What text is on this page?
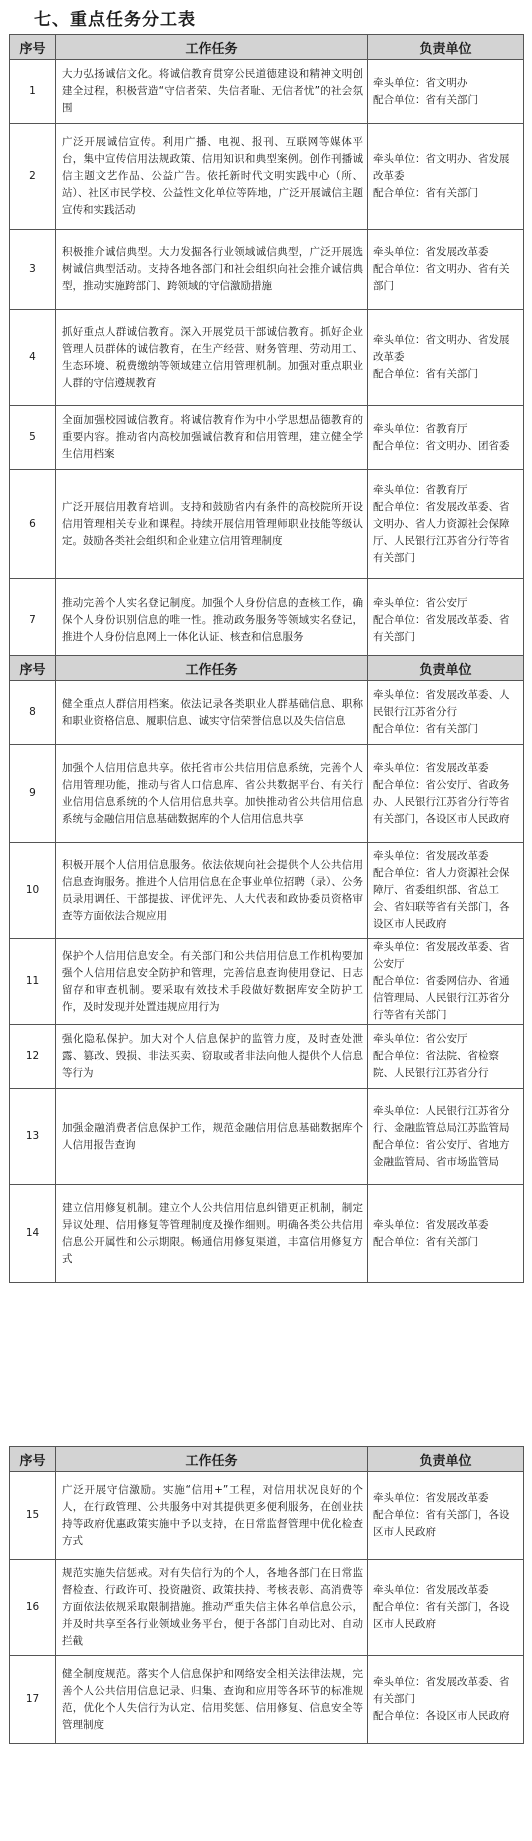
七、重点任务分工表
序号	工作任务	负责单位
1	大力弘扬诚信文化。将诚信教育贯穿公民道德建设和精神文明创建全过程，积极营造“守信者荣、失信者耻、无信者忧”的社会氛围	牵头单位：省文明办
配合单位：省有关部门

2	广泛开展诚信宣传。利用广播、电视、报刊、互联网等媒体平台，集中宣传信用法规政策、信用知识和典型案例。创作刊播诚信主题文艺作品、公益广告。依托新时代文明实践中心（所、站）、社区市民学校、公益性文化单位等阵地，广泛开展诚信主题宣传和实践活动	牵头单位：省文明办、省发展改革委
配合单位：省有关部门

3	积极推介诚信典型。大力发掘各行业领域诚信典型，广泛开展选树诚信典型活动。支持各地各部门和社会组织向社会推介诚信典型，推动实施跨部门、跨领域的守信激励措施	牵头单位：省发展改革委
配合单位：省文明办、省有关部门

4	抓好重点人群诚信教育。深入开展党员干部诚信教育。抓好企业管理人员群体的诚信教育，在生产经营、财务管理、劳动用工、生态环境、税费缴纳等领域建立信用管理机制。加强对重点职业人群的守信遵规教育	牵头单位：省文明办、省发展改革委
配合单位：省有关部门

5	全面加强校园诚信教育。将诚信教育作为中小学思想品德教育的重要内容。推动省内高校加强诚信教育和信用管理，建立健全学生信用档案	牵头单位：省教育厅
配合单位：省文明办、团省委

6	广泛开展信用教育培训。支持和鼓励省内有条件的高校院所开设信用管理相关专业和课程。持续开展信用管理师职业技能等级认定。鼓励各类社会组织和企业建立信用管理制度	牵头单位：省教育厅
配合单位：省发展改革委、省文明办、省人力资源社会保障厅、人民银行江苏省分行等省有关部门

7	推动完善个人实名登记制度。加强个人身份信息的查核工作，确保个人身份识别信息的唯一性。推动政务服务等领域实名登记，推进个人身份信息网上一体化认证、核查和信息服务	牵头单位：省公安厅
配合单位：省发展改革委、省有关部门
序号	工作任务	负责单位
8	健全重点人群信用档案。依法记录各类职业人群基础信息、职称和职业资格信息、履职信息、诚实守信荣誉信息以及失信信息	牵头单位：省发展改革委、人民银行江苏省分行
配合单位：省有关部门

9	加强个人信用信息共享。依托省市公共信用信息系统，完善个人信用管理功能，推动与省人口信息库、省公共数据平台、有关行业信用信息系统的个人信用信息共享。加快推动省公共信用信息系统与金融信用信息基础数据库的个人信用信息共享	牵头单位：省发展改革委
配合单位：省公安厅、省政务办、人民银行江苏省分行等省有关部门，各设区市人民政府

10	积极开展个人信用信息服务。依法依规向社会提供个人公共信用信息查询服务。推进个人信用信息在企事业单位招聘（录）、公务员录用调任、干部提拔、评优评先、人大代表和政协委员资格审查等方面依法合规应用	牵头单位：省发展改革委
配合单位：省人力资源社会保障厅、省委组织部、省总工会、省妇联等省有关部门，各设区市人民政府

11	保护个人信用信息安全。有关部门和公共信用信息工作机构要加强个人信用信息安全防护和管理，完善信息查询使用登记、日志留存和审查机制。要采取有效技术手段做好数据库安全防护工作，及时发现并处置违规应用行为	牵头单位：省发展改革委、省公安厅
配合单位：省委网信办、省通信管理局、人民银行江苏省分行等省有关部门

12	强化隐私保护。加大对个人信息保护的监管力度，及时查处泄露、篡改、毁损、非法买卖、窃取或者非法向他人提供个人信息等行为	牵头单位：省公安厅
配合单位：省法院、省检察院、人民银行江苏省分行

13	加强金融消费者信息保护工作，规范金融信用信息基础数据库个人信用报告查询	牵头单位：人民银行江苏省分行、金融监管总局江苏监管局
配合单位：省公安厅、省地方金融监管局、省市场监管局

14	建立信用修复机制。建立个人公共信用信息纠错更正机制，制定异议处理、信用修复等管理制度及操作细则。明确各类公共信用信息公开属性和公示期限。畅通信用修复渠道，丰富信用修复方式	牵头单位：省发展改革委
配合单位：省有关部门
序号	工作任务	负责单位
15	广泛开展守信激励。实施“信用+”工程，对信用状况良好的个人，在行政管理、公共服务中对其提供更多便利服务，在创业扶持等政府优惠政策实施中予以支持，在日常监督管理中优化检查方式	牵头单位：省发展改革委
配合单位：省有关部门，各设区市人民政府

16	规范实施失信惩戒。对有失信行为的个人，各地各部门在日常监督检查、行政许可、投资融资、政策扶持、考核表彰、高消费等方面依法依规采取限制措施。推动严重失信主体名单信息公示，并及时共享至各行业领域业务平台，便于各部门自动比对、自动拦截	牵头单位：省发展改革委
配合单位：省有关部门，各设区市人民政府

17	健全制度规范。落实个人信息保护和网络安全相关法律法规，完善个人公共信用信息记录、归集、查询和应用等各环节的标准规范，优化个人失信行为认定、信用奖惩、信用修复、信息安全等管理制度	牵头单位：省发展改革委、省有关部门
配合单位：各设区市人民政府
